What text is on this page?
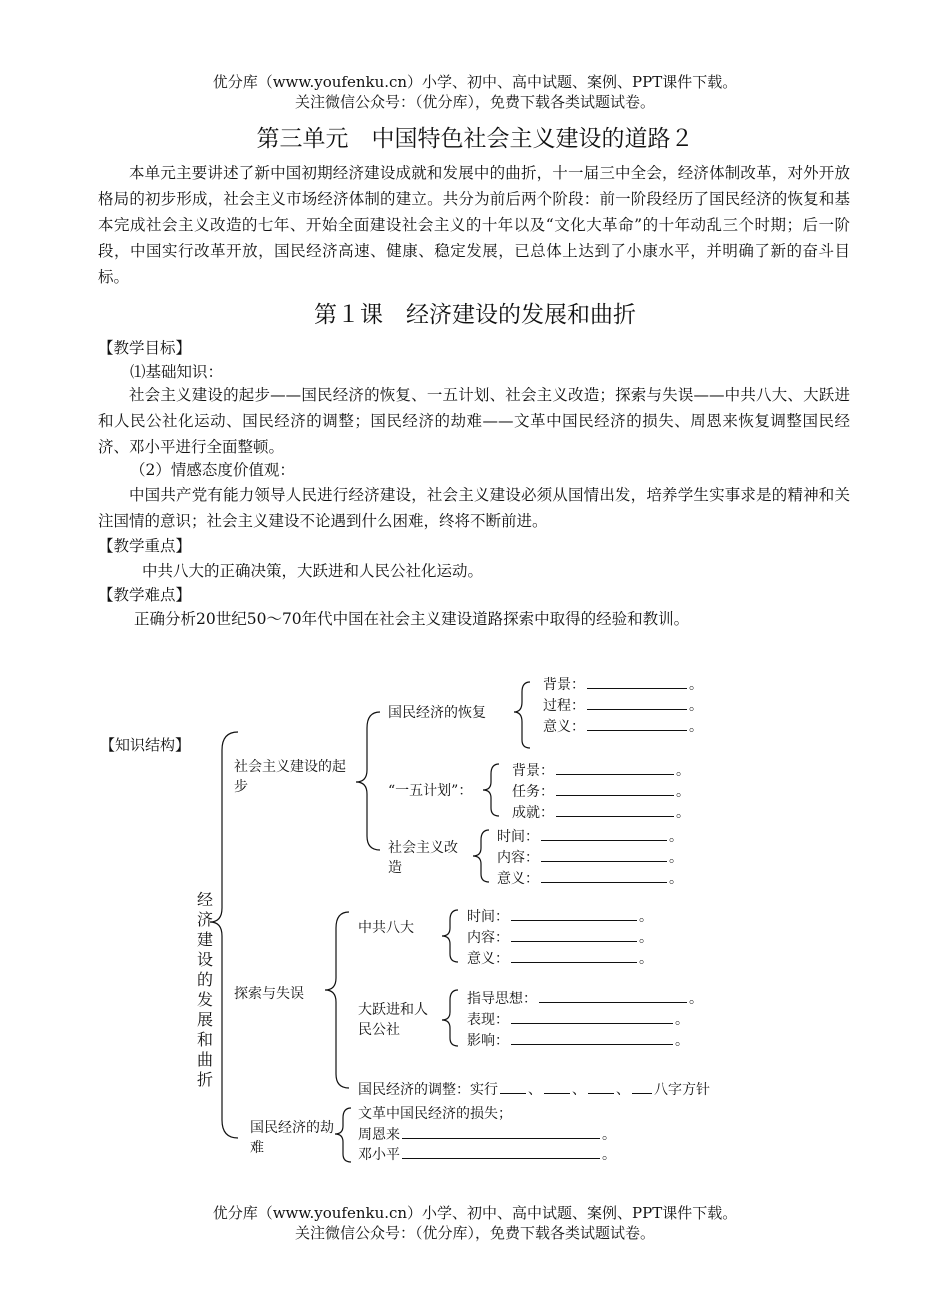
优分库（www.youfenku.cn）小学、初中、高中试题、案例、PPT课件下载。
关注微信公众号：（优分库），免费下载各类试题试卷。
第三单元　中国特色社会主义建设的道路２
本单元主要讲述了新中国初期经济建设成就和发展中的曲折，十一届三中全会，经济体制改革，对外开放格局的初步形成，社会主义市场经济体制的建立。共分为前后两个阶段：前一阶段经历了国民经济的恢复和基本完成社会主义改造的七年、开始全面建设社会主义的十年以及“文化大革命”的十年动乱三个时期；后一阶段，中国实行改革开放，国民经济高速、健康、稳定发展，已总体上达到了小康水平，并明确了新的奋斗目标。
第１课　经济建设的发展和曲折
【教学目标】
⑴基础知识：
社会主义建设的起步——国民经济的恢复、一五计划、社会主义改造；探索与失误——中共八大、大跃进和人民公社化运动、国民经济的调整；国民经济的劫难——文革中国民经济的损失、周恩来恢复调整国民经济、邓小平进行全面整顿。
（2）情感态度价值观：
中国共产党有能力领导人民进行经济建设，社会主义建设必须从国情出发，培养学生实事求是的精神和关注国情的意识；社会主义建设不论遇到什么困难，终将不断前进。
【教学重点】
中共八大的正确决策，大跃进和人民公社化运动。
【教学难点】
正确分析20世纪50～70年代中国在社会主义建设道路探索中取得的经验和教训。
【知识结构】
经济建设的发展和曲折
社会主义建设的起步
国民经济的恢复
背景：	。
过程：	。
意义：	。
“一五计划”：
背景：	。
任务：	。
成就：	。
社会主义改造
时间：	。
内容：	。
意义：	。
探索与失误
中共八大
时间：	。
内容：	。
意义：	。
大跃进和人民公社
指导思想：	。
表现：	。
影响：	。
国民经济的调整：实行 、 、 、 八字方针
国民经济的劫难
文革中国民经济的损失；
周恩来	。
邓小平	。
优分库（www.youfenku.cn）小学、初中、高中试题、案例、PPT课件下载。
关注微信公众号：（优分库），免费下载各类试题试卷。
